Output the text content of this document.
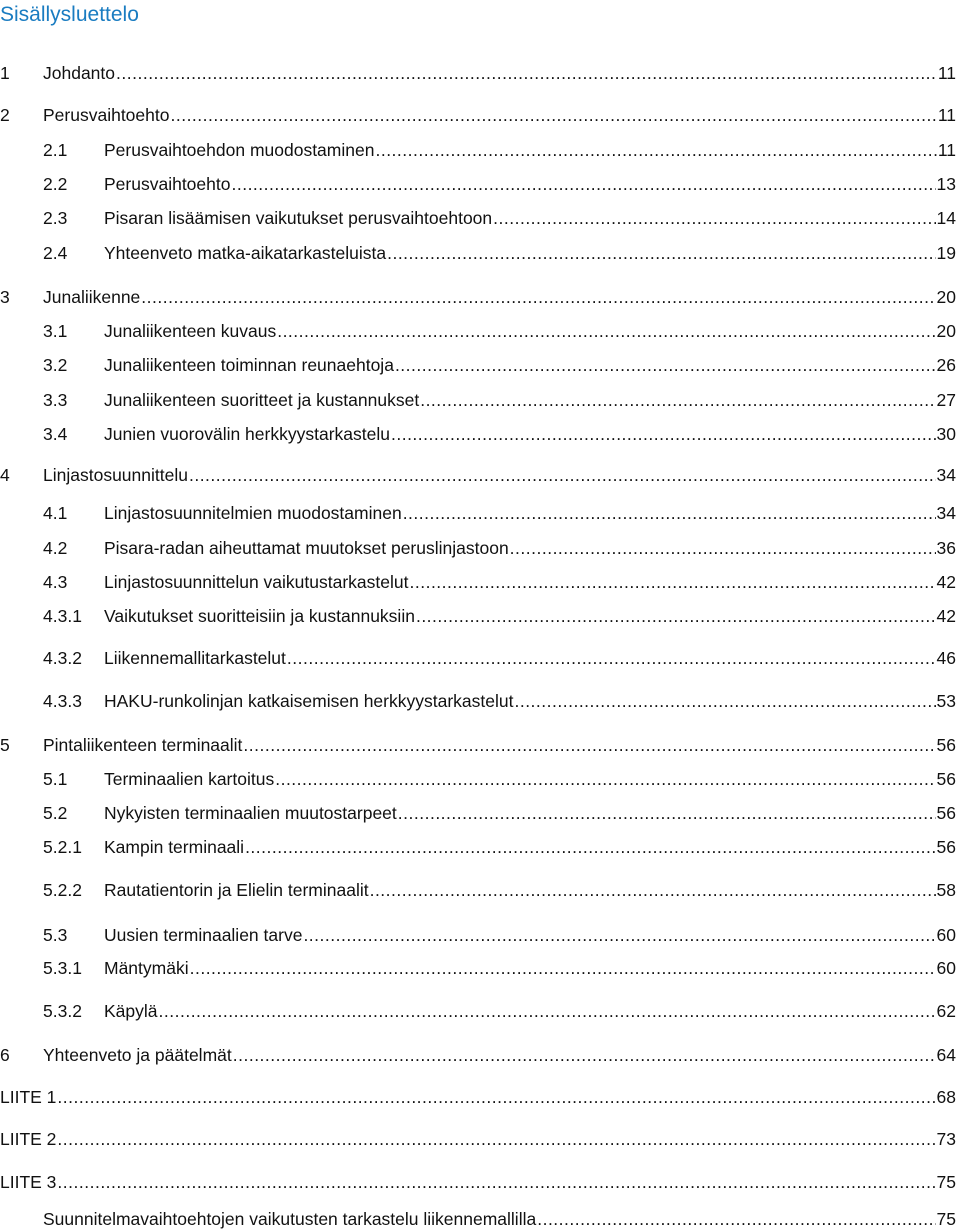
Sisällysluettelo
1 Johdanto .....	11
2 Perusvaihtoehto .....	11
2.1 Perusvaihtoehdon muodostaminen .....	11
2.2 Perusvaihtoehto .....	13
2.3 Pisaran lisäämisen vaikutukset perusvaihtoehtoon .....	14
2.4 Yhteenveto matka-aikatarkasteluista .....	19
3 Junaliikenne .....	20
3.1 Junaliikenteen kuvaus .....	20
3.2 Junaliikenteen toiminnan reunaehtoja .....	26
3.3 Junaliikenteen suoritteet ja kustannukset .....	27
3.4 Junien vuorovälin herkkyystarkastelu .....	30
4 Linjastosuunnittelu .....	34
4.1 Linjastosuunnitelmien muodostaminen .....	34
4.2 Pisara-radan aiheuttamat muutokset peruslinjastoon .....	36
4.3 Linjastosuunnittelun vaikutustarkastelut .....	42
4.3.1 Vaikutukset suoritteisiin ja kustannuksiin .....	42
4.3.2 Liikennemallitarkastelut .....	46
4.3.3 HAKU-runkolinjan katkaisemisen herkkyystarkastelut .....	53
5 Pintaliikenteen terminaalit .....	56
5.1 Terminaalien kartoitus .....	56
5.2 Nykyisten terminaalien muutostarpeet .....	56
5.2.1 Kampin terminaali .....	56
5.2.2 Rautatientorin ja Elielin terminaalit .....	58
5.3 Uusien terminaalien tarve .....	60
5.3.1 Mäntymäki .....	60
5.3.2 Käpylä .....	62
6 Yhteenveto ja päätelmät .....	64
LIITE 1 .....	68
LIITE 2 .....	73
LIITE 3 .....	75
Suunnitelmavaihtoehtojen vaikutusten tarkastelu liikennemallilla .....	75
